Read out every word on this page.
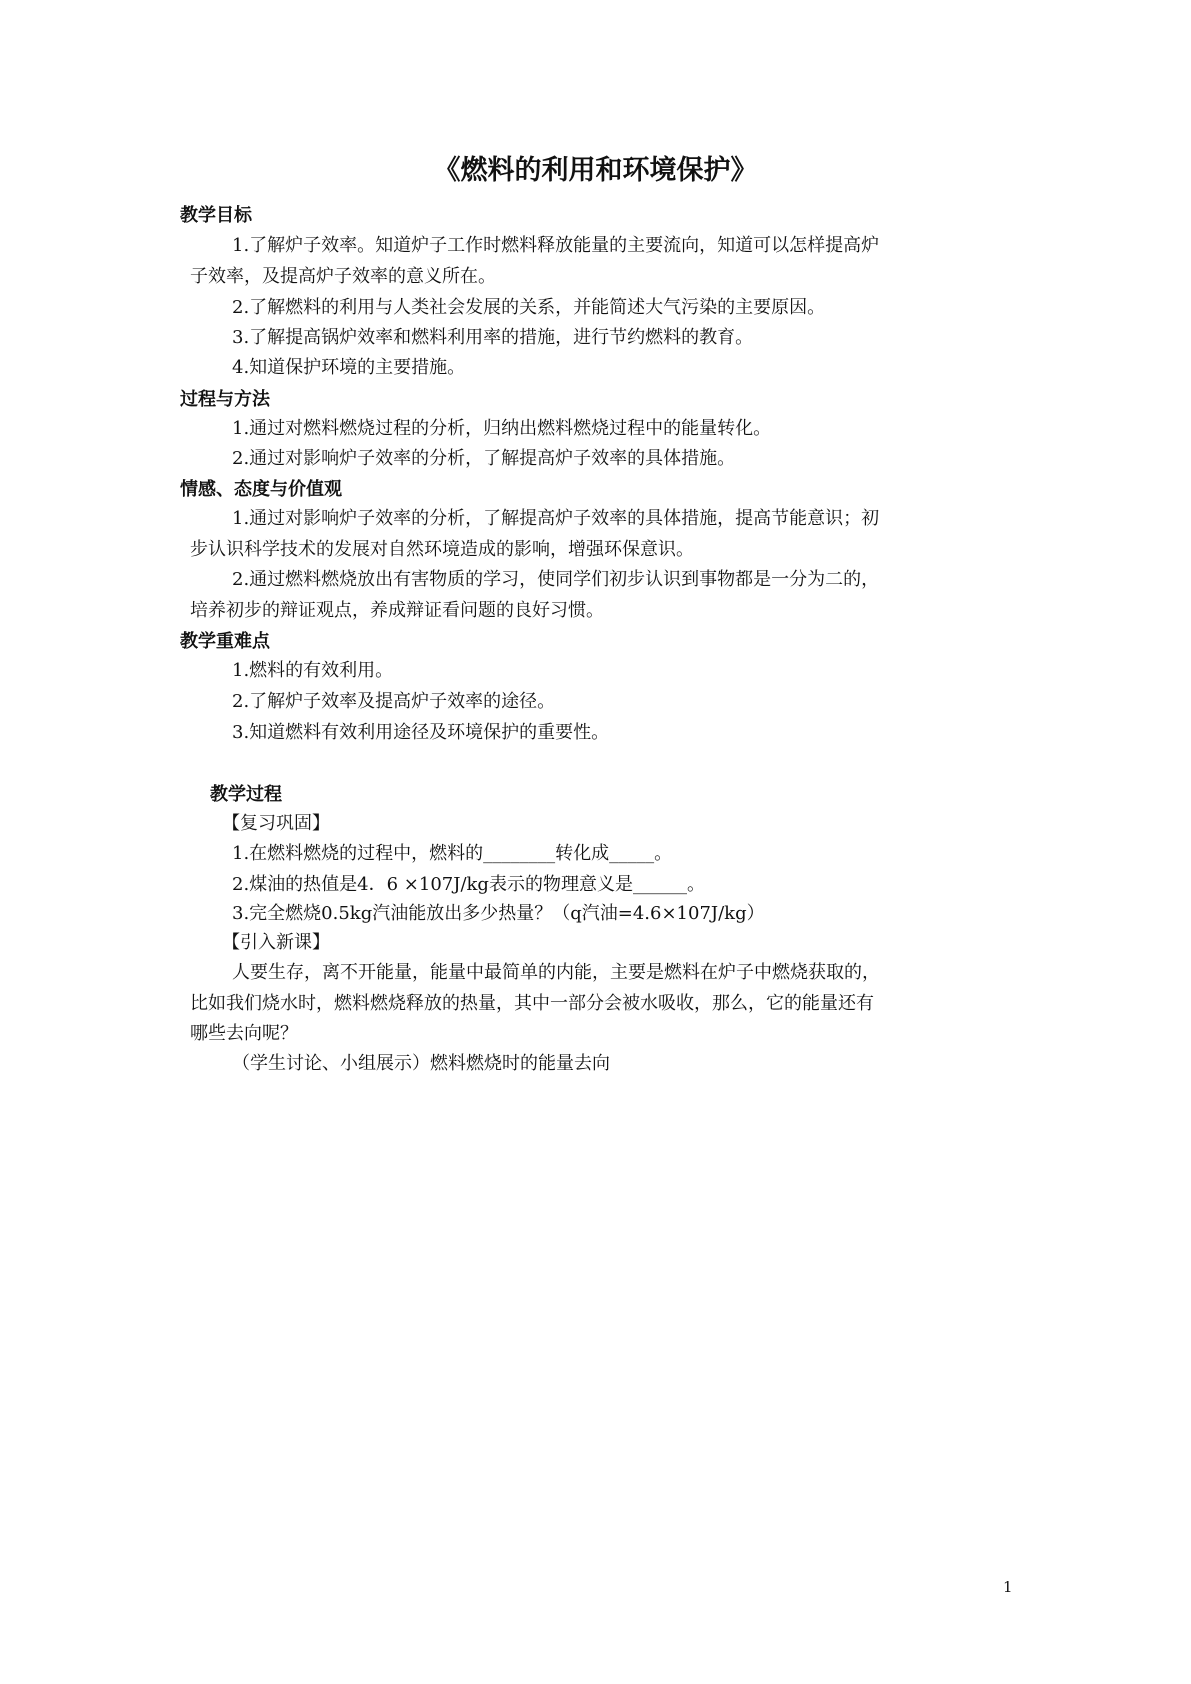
《燃料的利用和环境保护》
教学目标
1.了解炉子效率。知道炉子工作时燃料释放能量的主要流向，知道可以怎样提高炉
子效率，及提高炉子效率的意义所在。
2.了解燃料的利用与人类社会发展的关系，并能简述大气污染的主要原因。
3.了解提高锅炉效率和燃料利用率的措施，进行节约燃料的教育。
4.知道保护环境的主要措施。
过程与方法
1.通过对燃料燃烧过程的分析，归纳出燃料燃烧过程中的能量转化。
2.通过对影响炉子效率的分析，了解提高炉子效率的具体措施。
情感、态度与价值观
1.通过对影响炉子效率的分析，了解提高炉子效率的具体措施，提高节能意识；初
步认识科学技术的发展对自然环境造成的影响，增强环保意识。
2.通过燃料燃烧放出有害物质的学习，使同学们初步认识到事物都是一分为二的，
培养初步的辩证观点，养成辩证看问题的良好习惯。
教学重难点
1.燃料的有效利用。
2.了解炉子效率及提高炉子效率的途径。
3.知道燃料有效利用途径及环境保护的重要性。
教学过程
【复习巩固】
1.在燃料燃烧的过程中，燃料的________转化成_____。
2.煤油的热值是4．6 ×107J/kg表示的物理意义是______。
3.完全燃烧0.5kg汽油能放出多少热量？（q汽油=4.6×107J/kg）
【引入新课】
人要生存，离不开能量，能量中最简单的内能，主要是燃料在炉子中燃烧获取的，
比如我们烧水时，燃料燃烧释放的热量，其中一部分会被水吸收，那么，它的能量还有
哪些去向呢？
（学生讨论、小组展示）燃料燃烧时的能量去向
1
